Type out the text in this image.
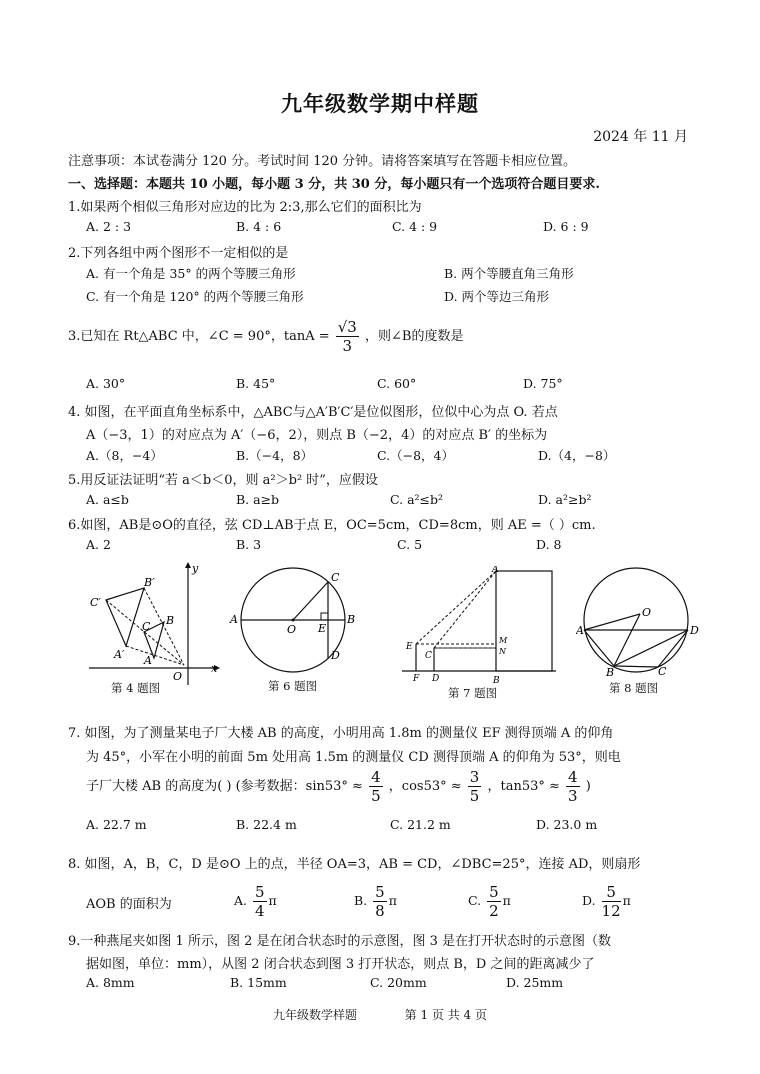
九年级数学期中样题
2024 年 11 月
注意事项：本试卷满分 120 分。考试时间 120 分钟。请将答案填写在答题卡相应位置。
一、选择题：本题共 10 小题，每小题 3 分，共 30 分，每小题只有一个选项符合题目要求.
1.如果两个相似三角形对应边的比为 2:3,那么它们的面积比为
A. 2 : 3	B. 4 : 6	C. 4 : 9	D. 6 : 9
2.下列各组中两个图形不一定相似的是
A. 有一个角是 35° 的两个等腰三角形	B. 两个等腰直角三角形
C. 有一个角是 120° 的两个等腰三角形	D. 两个等边三角形
3.已知在 Rt△ABC 中，∠C = 90°，$\tan A = \frac{√3}{3}$ ，则∠B的度数是
A. 30°	B. 45°	C. 60°	D. 75°
4. 如图，在平面直角坐标系中，△ABC与△A′B′C′是位似图形，位似中心为点 O. 若点
A（−3，1）的对应点为 A′（−6，2），则点 B（−2，4）的对应点 B′ 的坐标为
A.（8，−4）	B.（−4，8）	C.（−8，4）	D.（4，−8）
5.用反证法证明“若 a＜b＜0，则 a²＞b² 时”，应假设
A. a≤b	B. a≥b	C. a²≤b²	D. a²≥b²
6.如图，AB是⊙O的直径，弦 CD⊥AB于点 E，OC=5cm，CD=8cm，则 AE =（ ）cm.
A. 2	B. 3	C. 5	D. 8
y
x
O
C′
B′
A′
C B
A
第 4 题图
A	B
C
D
E
O
第 6 题图
A
B
E
F
C
D
M
N
第 7 题图
O
A	D
B	C
第 8 题图
7. 如图，为了测量某电子厂大楼 AB 的高度，小明用高 1.8m 的测量仪 EF 测得顶端 A 的仰角
为 45°，小军在小明的前面 5m 处用高 1.5m 的测量仪 CD 测得顶端 A 的仰角为 53°，则电
子厂大楼 AB 的高度为( ) (参考数据：$\sin 53^\circ \approx \frac{4}{5}$ ，$\cos 53^\circ \approx \frac{3}{5}$ ，$\tan 53^\circ \approx \frac{4}{3}$ )
A. 22.7 m	B. 22.4 m	C. 21.2 m	D. 23.0 m
8. 如图，A，B，C，D 是⊙O 上的点，半径 OA=3，AB = CD，∠DBC=25°，连接 AD，则扇形
AOB 的面积为	A. $\frac{5}{4}$ π	B. $\frac{5}{8}$ π	C. $\frac{5}{2}$ π	D. $\frac{5}{12}$ π
9.一种燕尾夹如图 1 所示，图 2 是在闭合状态时的示意图，图 3 是在打开状态时的示意图（数
据如图，单位：mm），从图 2 闭合状态到图 3 打开状态，则点 B，D 之间的距离减少了
A. 8mm	B. 15mm	C. 20mm	D. 25mm
九年级数学样题	第 1 页 共 4 页
